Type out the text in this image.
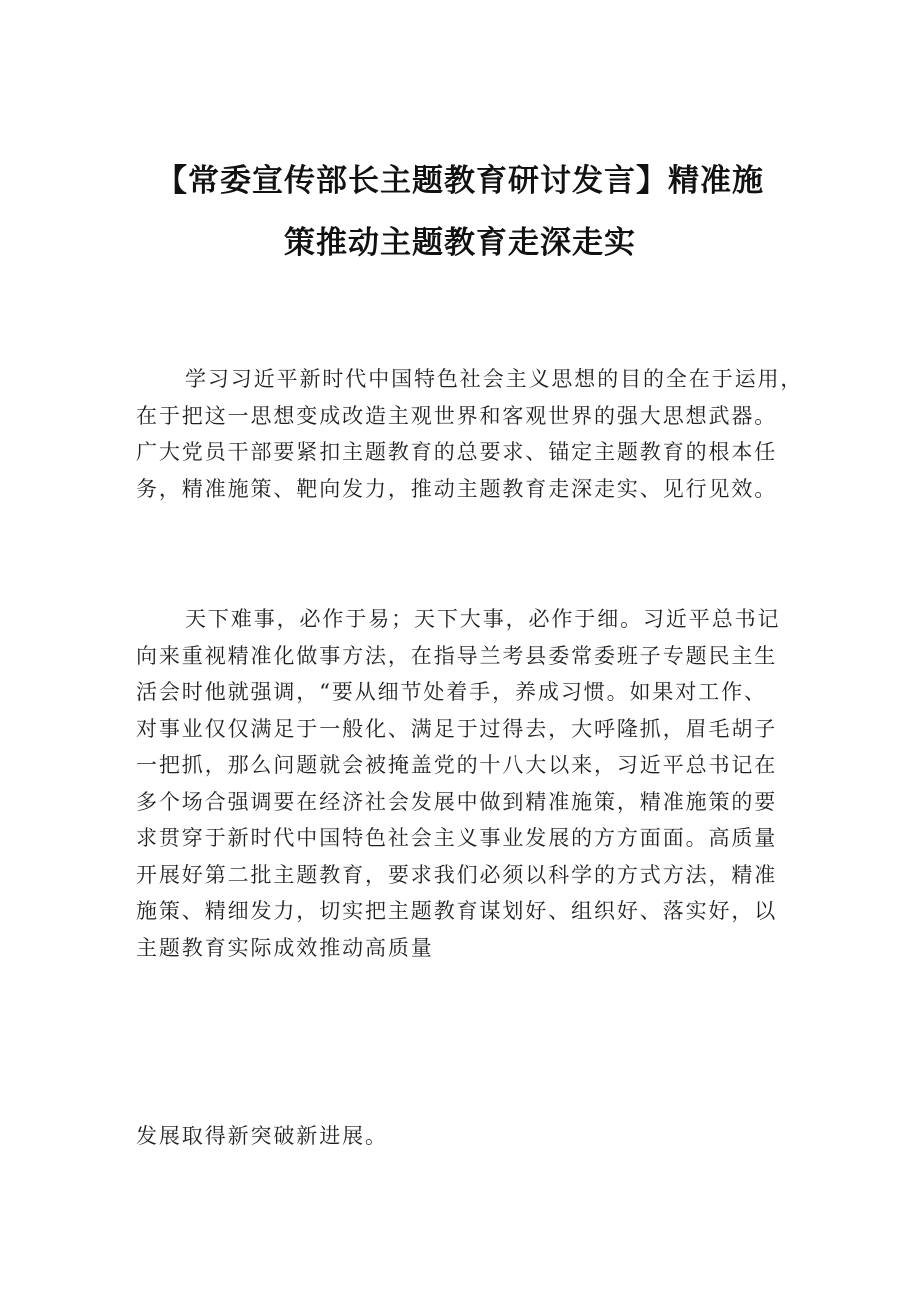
【常委宣传部长主题教育研讨发言】精准施
策推动主题教育走深走实
学习习近平新时代中国特色社会主义思想的目的全在于运用，
在于把这一思想变成改造主观世界和客观世界的强大思想武器。
广大党员干部要紧扣主题教育的总要求、锚定主题教育的根本任
务，精准施策、靶向发力，推动主题教育走深走实、见行见效。
天下难事，必作于易；天下大事，必作于细。习近平总书记
向来重视精准化做事方法，在指导兰考县委常委班子专题民主生
活会时他就强调，“要从细节处着手，养成习惯。如果对工作、
对事业仅仅满足于一般化、满足于过得去，大呼隆抓，眉毛胡子
一把抓，那么问题就会被掩盖党的十八大以来，习近平总书记在
多个场合强调要在经济社会发展中做到精准施策，精准施策的要
求贯穿于新时代中国特色社会主义事业发展的方方面面。高质量
开展好第二批主题教育，要求我们必须以科学的方式方法，精准
施策、精细发力，切实把主题教育谋划好、组织好、落实好，以
主题教育实际成效推动高质量
发展取得新突破新进展。
